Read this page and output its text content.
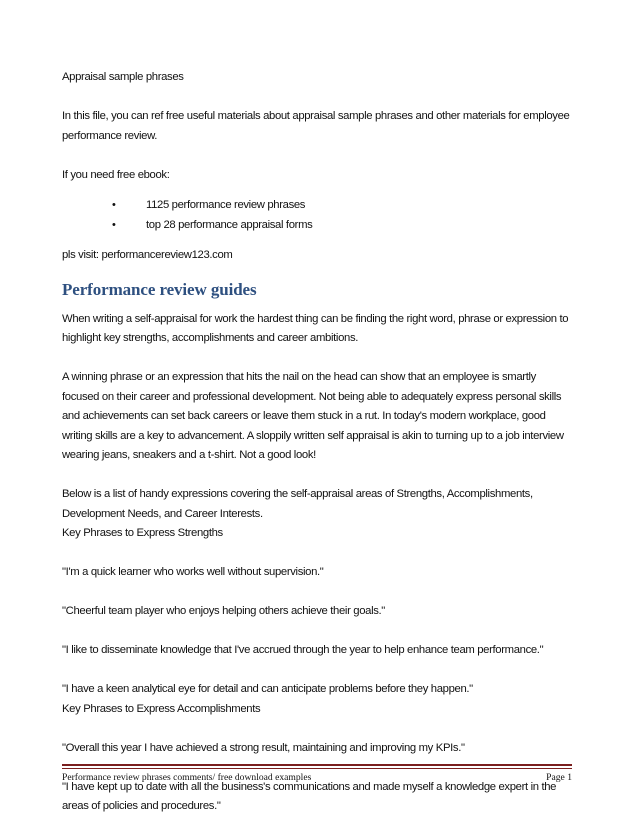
Appraisal sample phrases

In this file, you can ref free useful materials about appraisal sample phrases and other materials for employee performance review.

If you need free ebook:

•	1125 performance review phrases
•	top 28 performance appraisal forms

pls visit: performancereview123.com

Performance review guides

When writing a self-appraisal for work the hardest thing can be finding the right word, phrase or expression to highlight key strengths, accomplishments and career ambitions.

A winning phrase or an expression that hits the nail on the head can show that an employee is smartly focused on their career and professional development. Not being able to adequately express personal skills and achievements can set back careers or leave them stuck in a rut. In today's modern workplace, good writing skills are a key to advancement. A sloppily written self appraisal is akin to turning up to a job interview wearing jeans, sneakers and a t-shirt. Not a good look!

Below is a list of handy expressions covering the self-appraisal areas of Strengths, Accomplishments, Development Needs, and Career Interests.

Key Phrases to Express Strengths

"I'm a quick learner who works well without supervision."

"Cheerful team player who enjoys helping others achieve their goals."

"I like to disseminate knowledge that I've accrued through the year to help enhance team performance."

"I have a keen analytical eye for detail and can anticipate problems before they happen."

Key Phrases to Express Accomplishments

"Overall this year I have achieved a strong result, maintaining and improving my KPIs."

"I have kept up to date with all the business's communications and made myself a knowledge expert in the areas of policies and procedures."

Performance review phrases comments/ free download examples	Page 1
